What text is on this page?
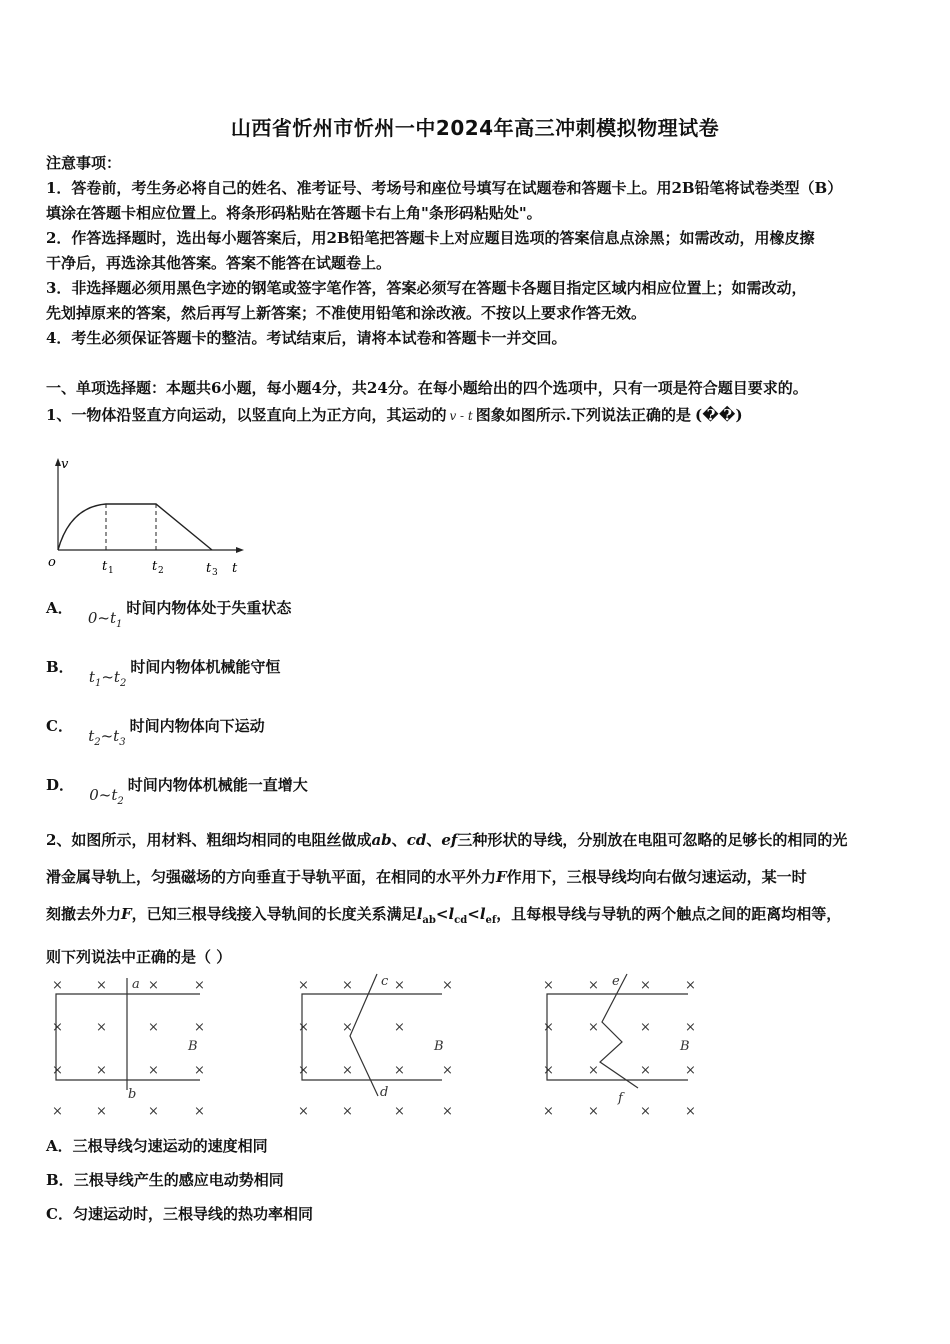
山西省忻州市忻州一中2024年高三冲刺模拟物理试卷
注意事项：
1．答卷前，考生务必将自己的姓名、准考证号、考场号和座位号填写在试题卷和答题卡上。用2B铅笔将试卷类型（B）
填涂在答题卡相应位置上。将条形码粘贴在答题卡右上角"条形码粘贴处"。
2．作答选择题时，选出每小题答案后，用2B铅笔把答题卡上对应题目选项的答案信息点涂黑；如需改动，用橡皮擦
干净后，再选涂其他答案。答案不能答在试题卷上。
3．非选择题必须用黑色字迹的钢笔或签字笔作答，答案必须写在答题卡各题目指定区域内相应位置上；如需改动，
先划掉原来的答案，然后再写上新答案；不准使用铅笔和涂改液。不按以上要求作答无效。
4．考生必须保证答题卡的整洁。考试结束后，请将本试卷和答题卡一并交回。
一、单项选择题：本题共6小题，每小题4分，共24分。在每小题给出的四个选项中，只有一项是符合题目要求的。
1、一物体沿竖直方向运动，以竖直向上为正方向，其运动的 v - t 图象如图所示.下列说法正确的是 (��)
v
o	t 1	t 2	t 3 t
A． $0\sim t_1$时间内物体处于失重状态
B． $t_1\sim t_2$时间内物体机械能守恒
C． $t_2\sim t_3$时间内物体向下运动
D． $0\sim t_2$时间内物体机械能一直增大
2、如图所示，用材料、粗细均相同的电阻丝做成ab、cd、ef三种形状的导线，分别放在电阻可忽略的足够长的相同的光
滑金属导轨上，匀强磁场的方向垂直于导轨平面，在相同的水平外力F作用下，三根导线均向右做匀速运动，某一时
刻撤去外力F，已知三根导线接入导轨间的长度关系满足$l_{ab}<l_{cd}<l_{ef}$，且每根导线与导轨的两个触点之间的距离均相等，
则下列说法中正确的是（ ）
×	×	×	×
×	×	×	×
×	×	×	×
×	×	×	×
×	×	×	×
×	×	×
×	×	×	×
×	×	×	×
×	×	×	×
×	×	×	×
×	×	×	×
×	×	×	×
a
b
B
c
d
B
e
f
B
A．三根导线匀速运动的速度相同
B．三根导线产生的感应电动势相同
C．匀速运动时，三根导线的热功率相同
